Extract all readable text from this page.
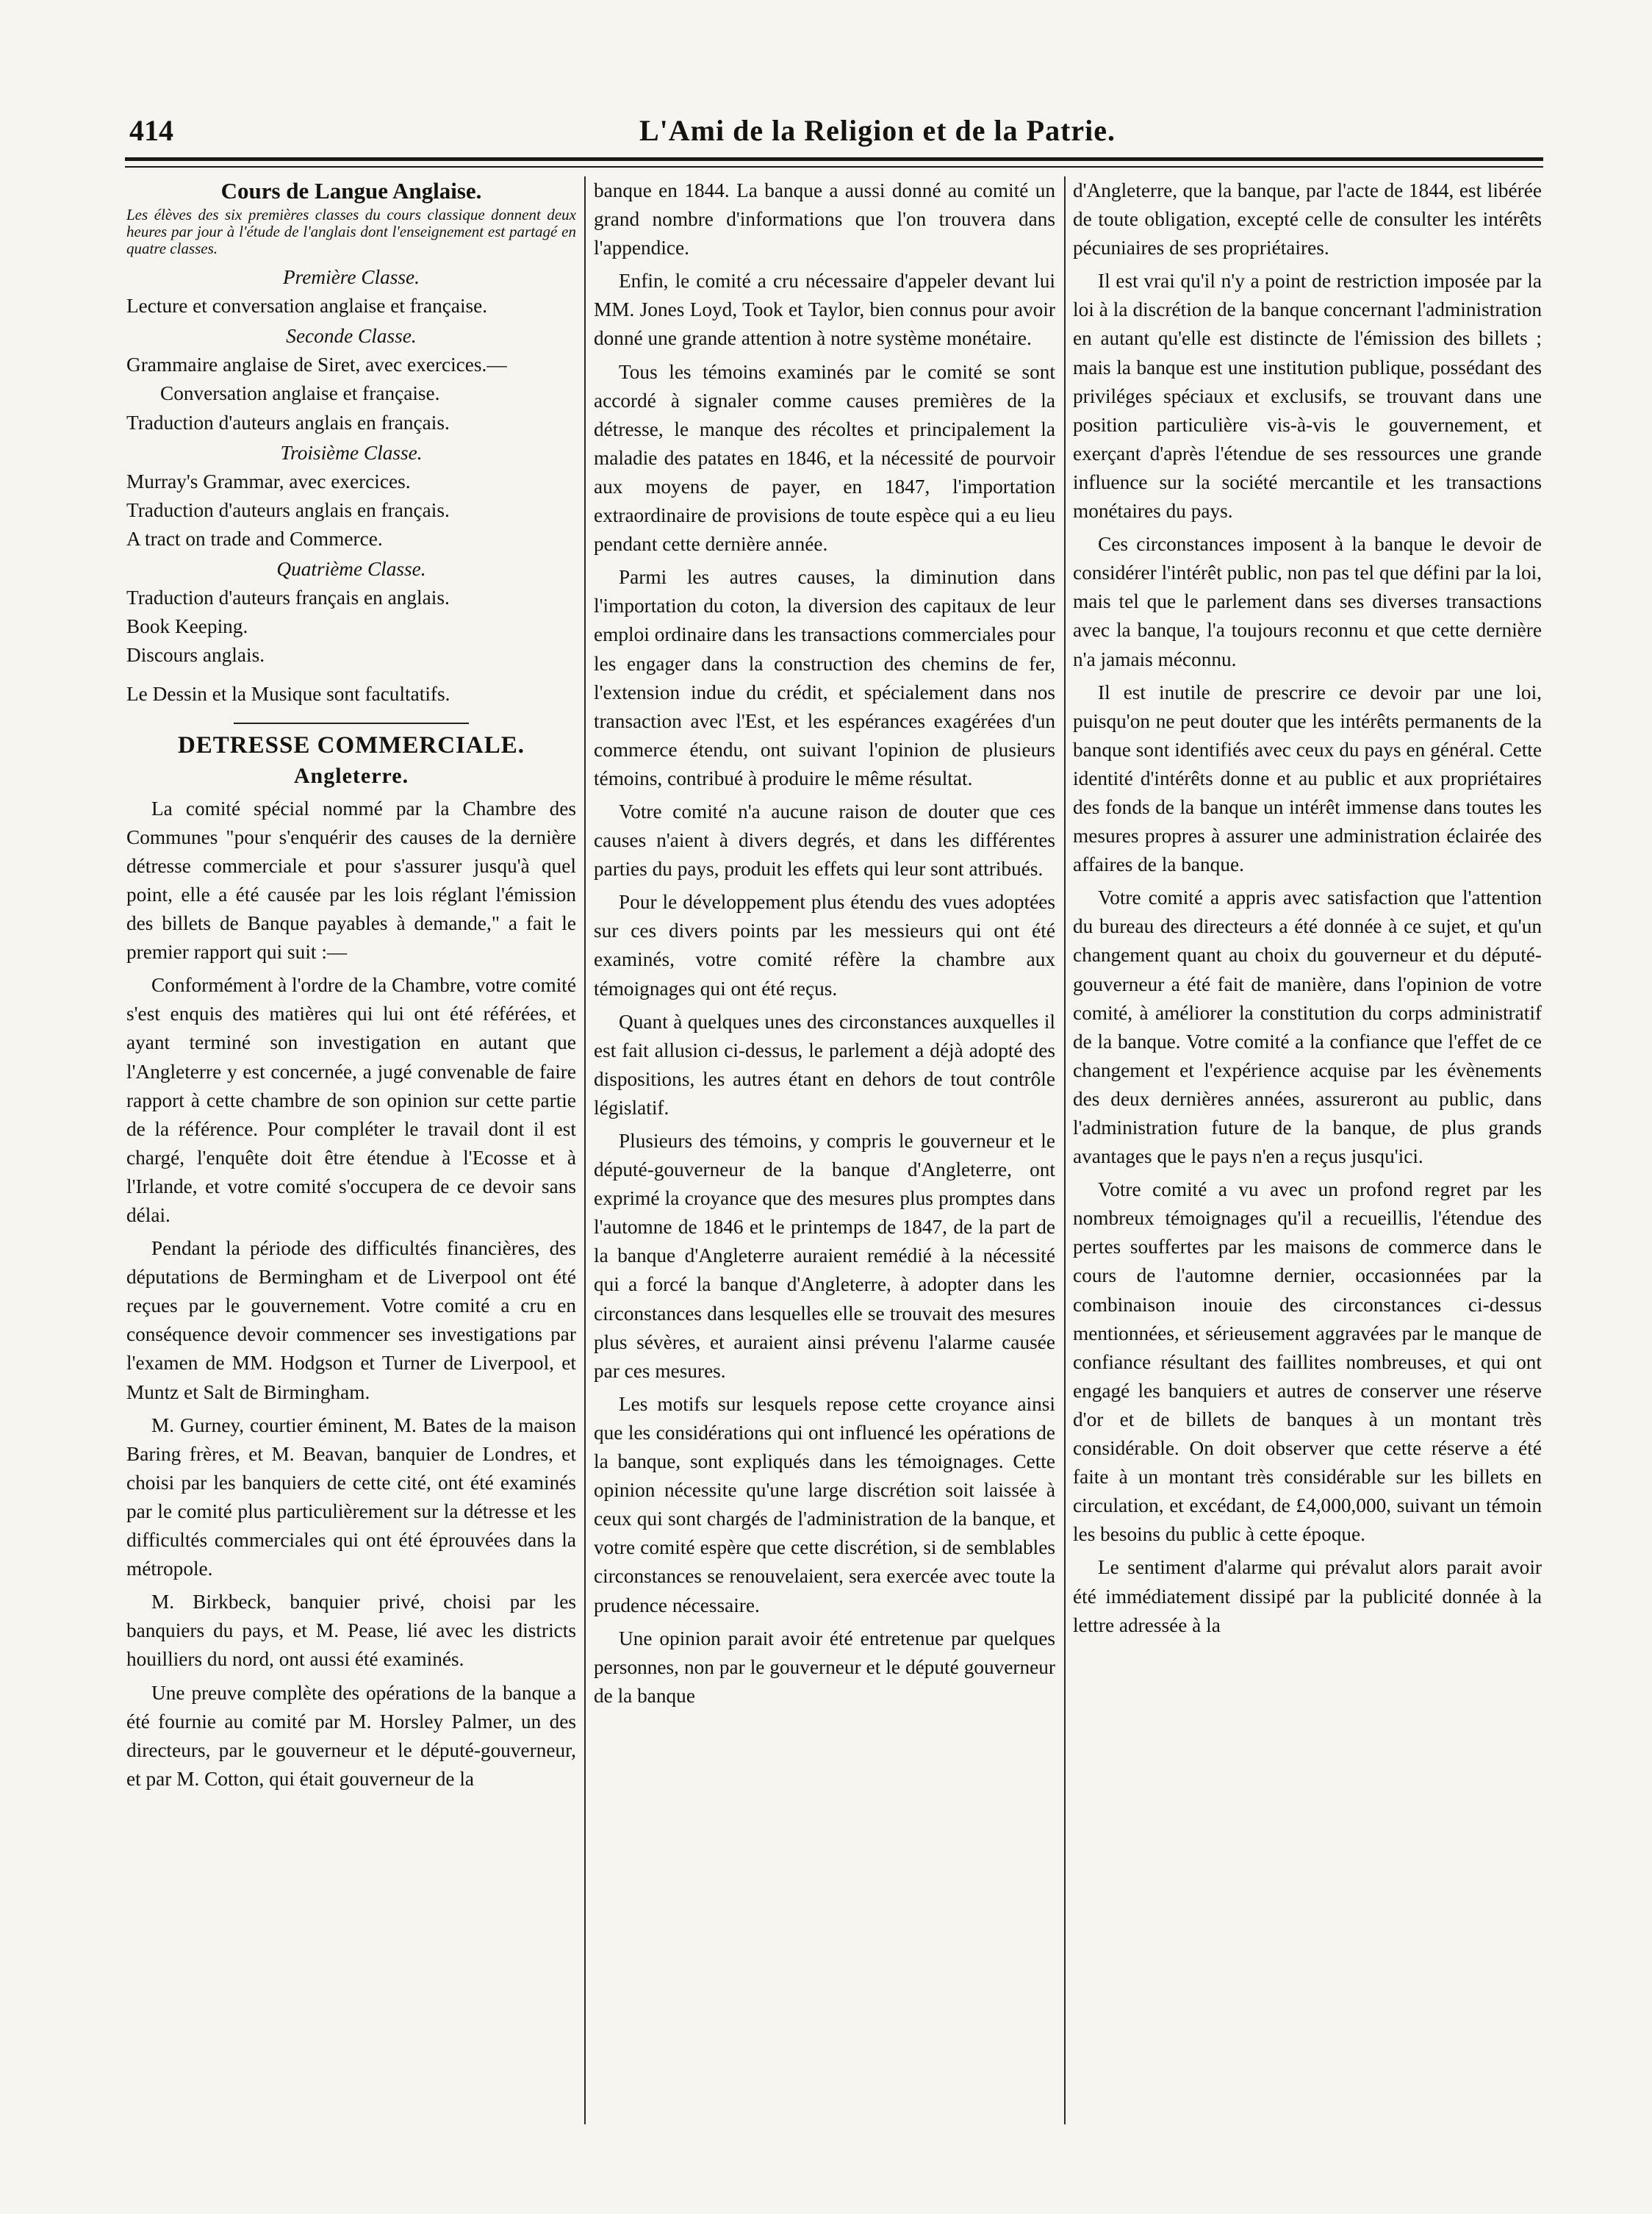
414	L'Ami de la Religion et de la Patrie.
Cours de Langue Anglaise.
Les élèves des six premières classes du cours classique donnent deux heures par jour à l'étude de l'anglais dont l'enseignement est partagé en quatre classes.
Première Classe.
Lecture et conversation anglaise et française.
Seconde Classe.
Grammaire anglaise de Siret, avec exercices.—Conversation anglaise et française.
Traduction d'auteurs anglais en français.
Troisième Classe.
Murray's Grammar, avec exercices.
Traduction d'auteurs anglais en français.
A tract on trade and Commerce.
Quatrième Classe.
Traduction d'auteurs français en anglais.
Book Keeping.
Discours anglais.

Le Dessin et la Musique sont facultatifs.

DETRESSE COMMERCIALE.
Angleterre.

La comité spécial nommé par la Chambre des Communes "pour s'enquérir des causes de la dernière détresse commerciale et pour s'assurer jusqu'à quel point, elle a été causée par les lois réglant l'émission des billets de Banque payables à demande," a fait le premier rapport qui suit :—

Conformément à l'ordre de la Chambre, votre comité s'est enquis des matières qui lui ont été référées, et ayant terminé son investigation en autant que l'Angleterre y est concernée, a jugé convenable de faire rapport à cette chambre de son opinion sur cette partie de la référence. Pour compléter le travail dont il est chargé, l'enquête doit être étendue à l'Ecosse et à l'Irlande, et votre comité s'occupera de ce devoir sans délai.

Pendant la période des difficultés financières, des députations de Bermingham et de Liverpool ont été reçues par le gouvernement. Votre comité a cru en conséquence devoir commencer ses investigations par l'examen de MM. Hodgson et Turner de Liverpool, et Muntz et Salt de Birmingham.

M. Gurney, courtier éminent, M. Bates de la maison Baring frères, et M. Beavan, banquier de Londres, et choisi par les banquiers de cette cité, ont été examinés par le comité plus particulièrement sur la détresse et les difficultés commerciales qui ont été éprouvées dans la métropole.

M. Birkbeck, banquier privé, choisi par les banquiers du pays, et M. Pease, lié avec les districts houilliers du nord, ont aussi été examinés.

Une preuve complète des opérations de la banque a été fournie au comité par M. Horsley Palmer, un des directeurs, par le gouverneur et le député-gouverneur, et par M. Cotton, qui était gouverneur de la

banque en 1844. La banque a aussi donné au comité un grand nombre d'informations que l'on trouvera dans l'appendice.

Enfin, le comité a cru nécessaire d'appeler devant lui MM. Jones Loyd, Took et Taylor, bien connus pour avoir donné une grande attention à notre système monétaire.

Tous les témoins examinés par le comité se sont accordé à signaler comme causes premières de la détresse, le manque des récoltes et principalement la maladie des patates en 1846, et la nécessité de pourvoir aux moyens de payer, en 1847, l'importation extraordinaire de provisions de toute espèce qui a eu lieu pendant cette dernière année.

Parmi les autres causes, la diminution dans l'importation du coton, la diversion des capitaux de leur emploi ordinaire dans les transactions commerciales pour les engager dans la construction des chemins de fer, l'extension indue du crédit, et spécialement dans nos transaction avec l'Est, et les espérances exagérées d'un commerce étendu, ont suivant l'opinion de plusieurs témoins, contribué à produire le même résultat.

Votre comité n'a aucune raison de douter que ces causes n'aient à divers degrés, et dans les différentes parties du pays, produit les effets qui leur sont attribués.

Pour le développement plus étendu des vues adoptées sur ces divers points par les messieurs qui ont été examinés, votre comité réfère la chambre aux témoignages qui ont été reçus.

Quant à quelques unes des circonstances auxquelles il est fait allusion ci-dessus, le parlement a déjà adopté des dispositions, les autres étant en dehors de tout contrôle législatif.

Plusieurs des témoins, y compris le gouverneur et le député-gouverneur de la banque d'Angleterre, ont exprimé la croyance que des mesures plus promptes dans l'automne de 1846 et le printemps de 1847, de la part de la banque d'Angleterre auraient remédié à la nécessité qui a forcé la banque d'Angleterre, à adopter dans les circonstances dans lesquelles elle se trouvait des mesures plus sévères, et auraient ainsi prévenu l'alarme causée par ces mesures.

Les motifs sur lesquels repose cette croyance ainsi que les considérations qui ont influencé les opérations de la banque, sont expliqués dans les témoignages. Cette opinion nécessite qu'une large discrétion soit laissée à ceux qui sont chargés de l'administration de la banque, et votre comité espère que cette discrétion, si de semblables circonstances se renouvelaient, sera exercée avec toute la prudence nécessaire.

Une opinion parait avoir été entretenue par quelques personnes, non par le gouverneur et le député gouverneur de la banque

d'Angleterre, que la banque, par l'acte de 1844, est libérée de toute obligation, excepté celle de consulter les intérêts pécuniaires de ses propriétaires.

Il est vrai qu'il n'y a point de restriction imposée par la loi à la discrétion de la banque concernant l'administration en autant qu'elle est distincte de l'émission des billets ; mais la banque est une institution publique, possédant des priviléges spéciaux et exclusifs, se trouvant dans une position particulière vis-à-vis le gouvernement, et exerçant d'après l'étendue de ses ressources une grande influence sur la société mercantile et les transactions monétaires du pays.

Ces circonstances imposent à la banque le devoir de considérer l'intérêt public, non pas tel que défini par la loi, mais tel que le parlement dans ses diverses transactions avec la banque, l'a toujours reconnu et que cette dernière n'a jamais méconnu.

Il est inutile de prescrire ce devoir par une loi, puisqu'on ne peut douter que les intérêts permanents de la banque sont identifiés avec ceux du pays en général. Cette identité d'intérêts donne et au public et aux propriétaires des fonds de la banque un intérêt immense dans toutes les mesures propres à assurer une administration éclairée des affaires de la banque.

Votre comité a appris avec satisfaction que l'attention du bureau des directeurs a été donnée à ce sujet, et qu'un changement quant au choix du gouverneur et du député-gouverneur a été fait de manière, dans l'opinion de votre comité, à améliorer la constitution du corps administratif de la banque. Votre comité a la confiance que l'effet de ce changement et l'expérience acquise par les évènements des deux dernières années, assureront au public, dans l'administration future de la banque, de plus grands avantages que le pays n'en a reçus jusqu'ici.

Votre comité a vu avec un profond regret par les nombreux témoignages qu'il a recueillis, l'étendue des pertes souffertes par les maisons de commerce dans le cours de l'automne dernier, occasionnées par la combinaison inouie des circonstances ci-dessus mentionnées, et sérieusement aggravées par le manque de confiance résultant des faillites nombreuses, et qui ont engagé les banquiers et autres de conserver une réserve d'or et de billets de banques à un montant très considérable. On doit observer que cette réserve a été faite à un montant très considérable sur les billets en circulation, et excédant, de £4,000,000, suivant un témoin les besoins du public à cette époque.

Le sentiment d'alarme qui prévalut alors parait avoir été immédiatement dissipé par la publicité donnée à la lettre adressée à la
